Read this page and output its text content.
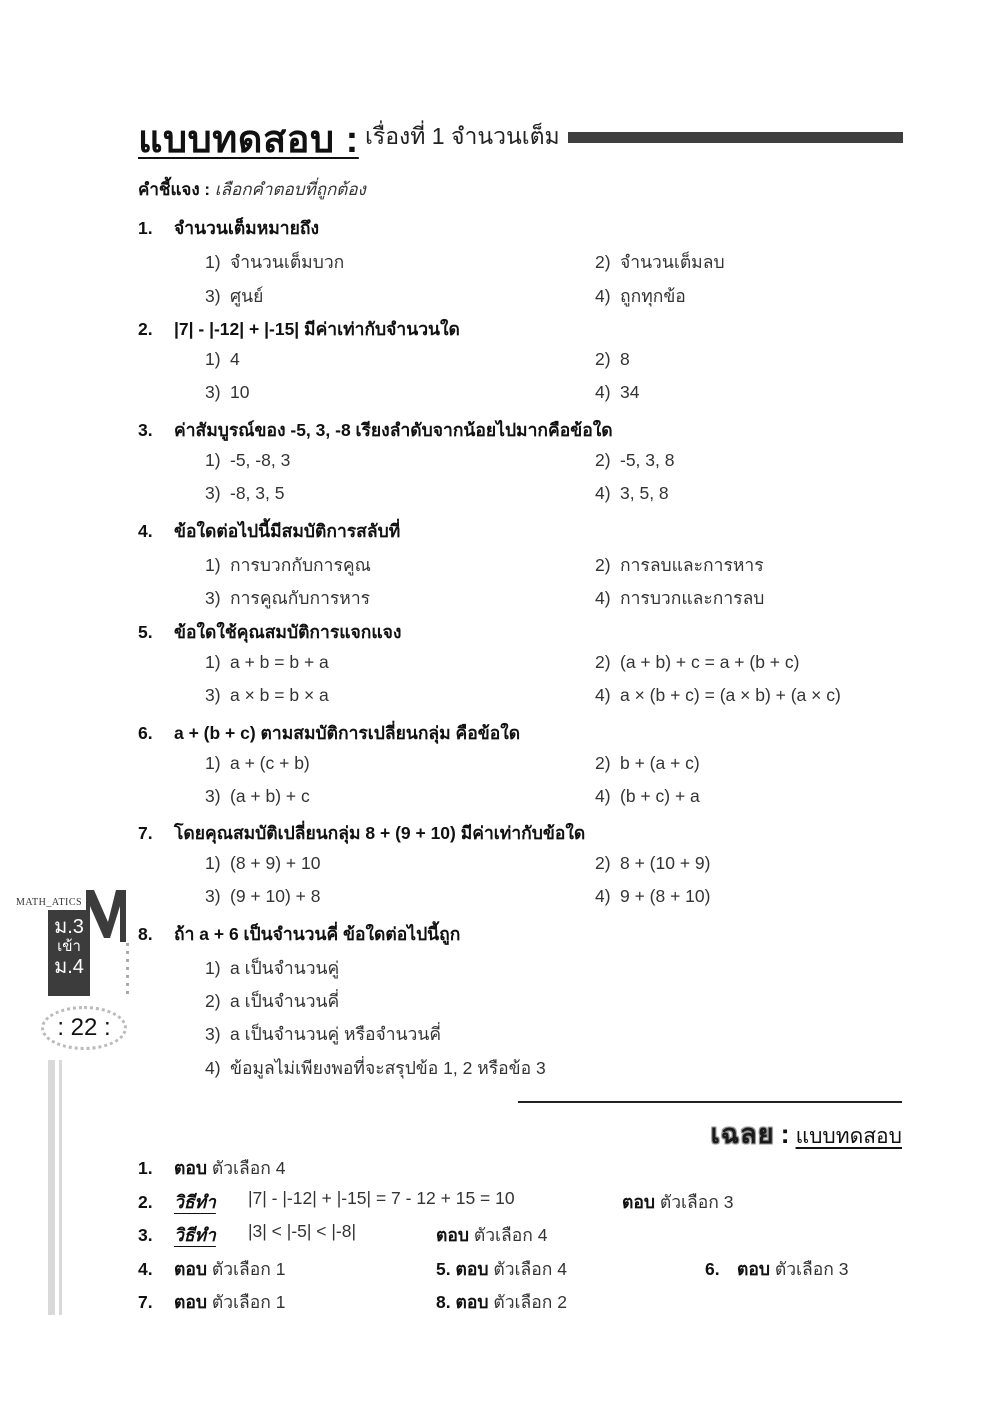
แบบทดสอบ : เรื่องที่ 1 จำนวนเต็ม
คำชี้แจง : เลือกคำตอบที่ถูกต้อง
1. จำนวนเต็มหมายถึง
1) จำนวนเต็มบวก	2) จำนวนเต็มลบ
3) ศูนย์	4) ถูกทุกข้อ
2. |7| - |-12| + |-15| มีค่าเท่ากับจำนวนใด
1) 4	2) 8
3) 10	4) 34
3. ค่าสัมบูรณ์ของ -5, 3, -8 เรียงลำดับจากน้อยไปมากคือข้อใด
1) -5, -8, 3	2) -5, 3, 8
3) -8, 3, 5	4) 3, 5, 8
4. ข้อใดต่อไปนี้มีสมบัติการสลับที่
1) การบวกกับการคูณ	2) การลบและการหาร
3) การคูณกับการหาร	4) การบวกและการลบ
5. ข้อใดใช้คุณสมบัติการแจกแจง
1) a + b = b + a	2) (a + b) + c = a + (b + c)
3) a × b = b × a	4) a × (b + c) = (a × b) + (a × c)
6. a + (b + c) ตามสมบัติการเปลี่ยนกลุ่ม คือข้อใด
1) a + (c + b)	2) b + (a + c)
3) (a + b) + c	4) (b + c) + a
7. โดยคุณสมบัติเปลี่ยนกลุ่ม 8 + (9 + 10) มีค่าเท่ากับข้อใด
1) (8 + 9) + 10	2) 8 + (10 + 9)
3) (9 + 10) + 8	4) 9 + (8 + 10)
8. ถ้า a + 6 เป็นจำนวนคี่ ข้อใดต่อไปนี้ถูก
1) a เป็นจำนวนคู่
2) a เป็นจำนวนคี่
3) a เป็นจำนวนคู่ หรือจำนวนคี่
4) ข้อมูลไม่เพียงพอที่จะสรุปข้อ 1, 2 หรือข้อ 3
เฉลย : แบบทดสอบ
1. ตอบ ตัวเลือก 4
2. วิธีทำ |7| - |-12| + |-15| = 7 - 12 + 15 = 10	ตอบ ตัวเลือก 3
3. วิธีทำ |3| < |-5| < |-8|	ตอบ ตัวเลือก 4
4. ตอบ ตัวเลือก 1	5. ตอบ ตัวเลือก 4	6. ตอบ ตัวเลือก 3
7. ตอบ ตัวเลือก 1	8. ตอบ ตัวเลือก 2
MATH_ATICS
ม.3
เข้า
ม.4
: 22 :
